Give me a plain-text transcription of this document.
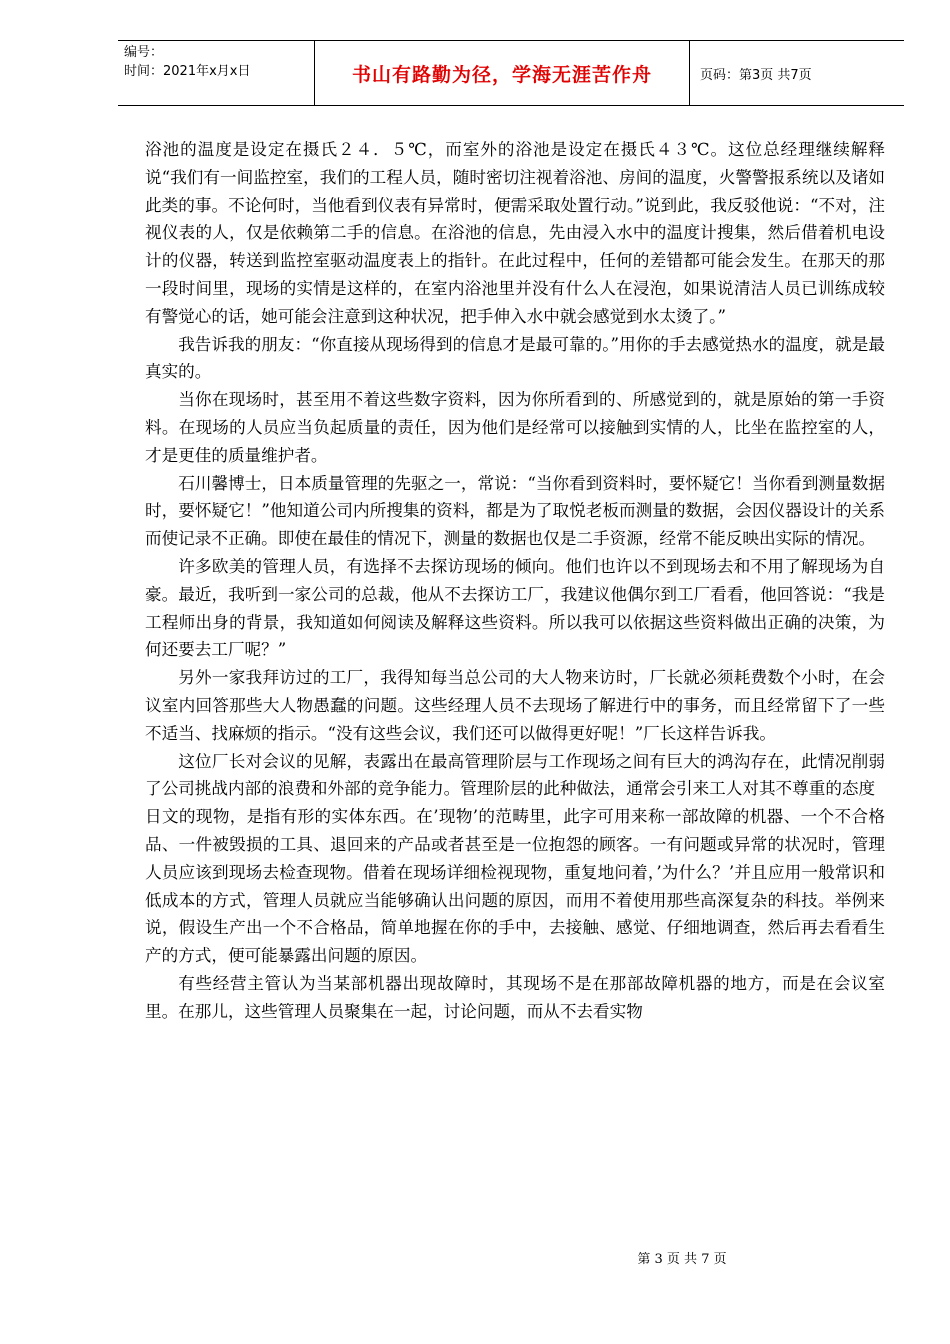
编号：
时间：2021年x月x日	书山有路勤为径，学海无涯苦作舟	页码：第3页 共7页

浴池的温度是设定在摄氏２４．５℃，而室外的浴池是设定在摄氏４３℃。这位总经理继续解释说“我们有一间监控室，我们的工程人员，随时密切注视着浴池、房间的温度，火警警报系统以及诸如此类的事。不论何时，当他看到仪表有异常时，便需采取处置行动。”说到此，我反驳他说：“不对，注视仪表的人，仅是依赖第二手的信息。在浴池的信息，先由浸入水中的温度计搜集，然后借着机电设计的仪器，转送到监控室驱动温度表上的指针。在此过程中，任何的差错都可能会发生。在那天的那一段时间里，现场的实情是这样的，在室内浴池里并没有什么人在浸泡，如果说清洁人员已训练成较有警觉心的话，她可能会注意到这种状况，把手伸入水中就会感觉到水太烫了。”

我告诉我的朋友：“你直接从现场得到的信息才是最可靠的。”用你的手去感觉热水的温度，就是最真实的。

当你在现场时，甚至用不着这些数字资料，因为你所看到的、所感觉到的，就是原始的第一手资料。在现场的人员应当负起质量的责任，因为他们是经常可以接触到实情的人，比坐在监控室的人，才是更佳的质量维护者。

石川馨博士，日本质量管理的先驱之一，常说：“当你看到资料时，要怀疑它！当你看到测量数据时，要怀疑它！”他知道公司内所搜集的资料，都是为了取悦老板而测量的数据，会因仪器设计的关系而使记录不正确。即使在最佳的情况下，测量的数据也仅是二手资源，经常不能反映出实际的情况。

许多欧美的管理人员，有选择不去探访现场的倾向。他们也许以不到现场去和不用了解现场为自豪。最近，我听到一家公司的总裁，他从不去探访工厂，我建议他偶尔到工厂看看，他回答说：“我是工程师出身的背景，我知道如何阅读及解释这些资料。所以我可以依据这些资料做出正确的决策，为何还要去工厂呢？”

另外一家我拜访过的工厂，我得知每当总公司的大人物来访时，厂长就必须耗费数个小时，在会议室内回答那些大人物愚蠢的问题。这些经理人员不去现场了解进行中的事务，而且经常留下了一些不适当、找麻烦的指示。“没有这些会议，我们还可以做得更好呢！”厂长这样告诉我。

这位厂长对会议的见解，表露出在最高管理阶层与工作现场之间有巨大的鸿沟存在，此情况削弱了公司挑战内部的浪费和外部的竞争能力。管理阶层的此种做法，通常会引来工人对其不尊重的态度

日文的现物，是指有形的实体东西。在’现物’的范畴里，此字可用来称一部故障的机器、一个不合格品、一件被毁损的工具、退回来的产品或者甚至是一位抱怨的顾客。一有问题或异常的状况时，管理人员应该到现场去检查现物。借着在现场详细检视现物，重复地问着，’为什么？’并且应用一般常识和低成本的方式，管理人员就应当能够确认出问题的原因，而用不着使用那些高深复杂的科技。举例来说，假设生产出一个不合格品，简单地握在你的手中，去接触、感觉、仔细地调查，然后再去看看生产的方式，便可能暴露出问题的原因。

有些经营主管认为当某部机器出现故障时，其现场不是在那部故障机器的地方，而是在会议室里。在那儿，这些管理人员聚集在一起，讨论问题，而从不去看实物

第 3 页 共 7 页
